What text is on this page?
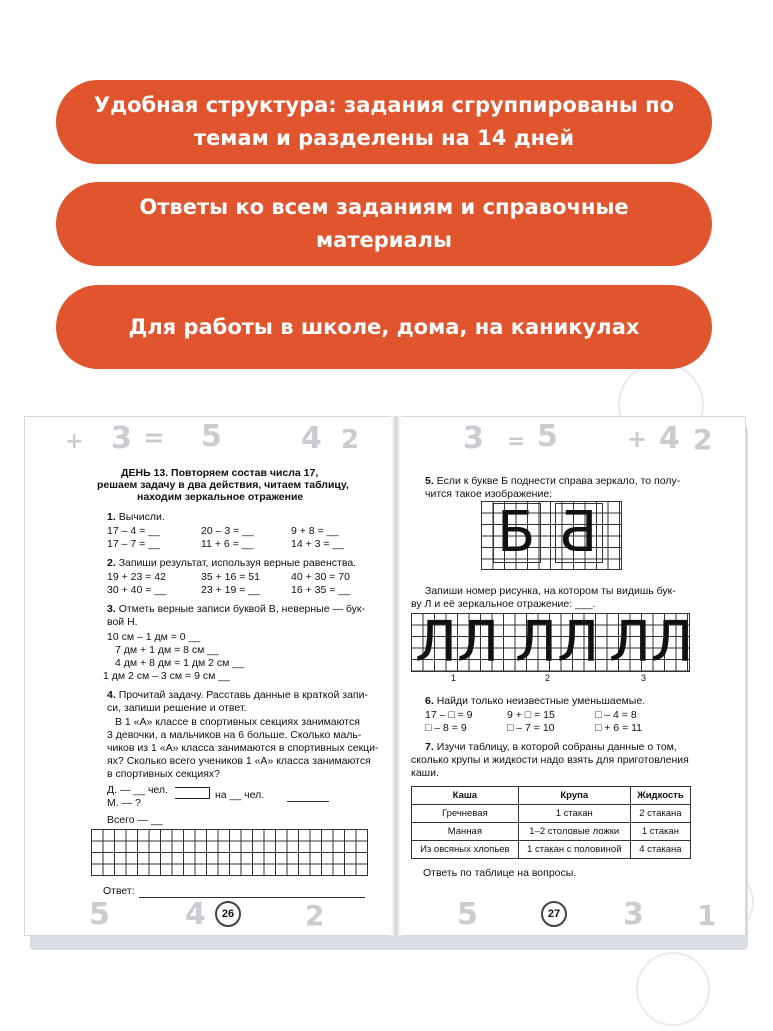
Удобная структура: задания сгруппированы по темам и разделены на 14 дней
Ответы ко всем заданиям и справочные материалы
Для работы в школе, дома, на каникулах
3 = 5	4 2
+
ДЕНЬ 13. Повторяем состав числа 17,
решаем задачу в два действия, читаем таблицу,
находим зеркальное отражение
1. Вычисли.
17 – 4 = __	20 – 3 = __	9 + 8 = __
17 – 7 = __	11 + 6 = __	14 + 3 = __
2. Запиши результат, используя верные равенства.
19 + 23 = 42	35 + 16 = 51	40 + 30 = 70
30 + 40 = __	23 + 19 = __	16 + 35 = __
3. Отметь верные записи буквой В, неверные — бук-
вой Н.
10 см – 1 дм = 0 __
7 дм + 1 дм = 8 см __
4 дм + 8 дм = 1 дм 2 см __
1 дм 2 см – 3 см = 9 см __
4. Прочитай задачу. Расставь данные в краткой запи-
си, запиши решение и ответ.
В 1 «А» классе в спортивных секциях занимаются
3 девочки, а мальчиков на 6 больше. Сколько маль-
чиков из 1 «А» класса занимаются в спортивных секци-
ях? Сколько всего учеников 1 «А» класса занимаются
в спортивных секциях?
Д. — __ чел.
М. — ?
Всего — __
на __ чел.
Ответ:
5	4	2
26
3 5	+ 4 2
=
5. Если к букве Б поднести справа зеркало, то полу-
чится такое изображение:
Б Б
Запиши номер рисунка, на котором ты видишь бук-
ву Л и её зеркальное отражение: ___.
ЛЛ ЛЛ ЛЛ
1	2	3
6. Найди только неизвестные уменьшаемые.
17 – □ = 9	9 + □ = 15	□ – 4 = 8
□ – 8 = 9	□ – 7 = 10	□ + 6 = 11
7. Изучи таблицу, в которой собраны данные о том,
сколько крупы и жидкости надо взять для приготовления
каши.
Каша	Крупа	Жидкость
Гречневая	1 стакан	2 стакана
Манная	1–2 столовые ложки	1 стакан
Из овсяных хлопьев	1 стакан с половиной	4 стакана
Ответь по таблице на вопросы.
5	3 1
27
